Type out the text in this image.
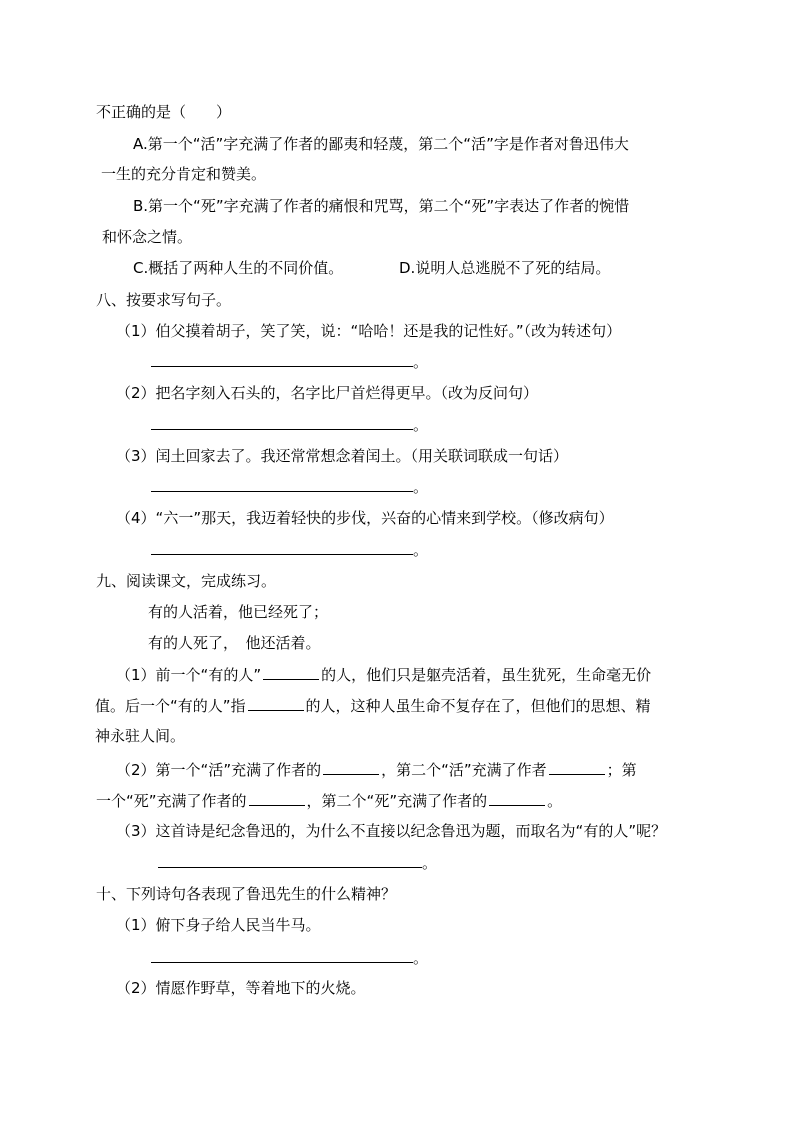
不正确的是（　　）
A.第一个“活”字充满了作者的鄙夷和轻蔑，第二个“活”字是作者对鲁迅伟大
一生的充分肯定和赞美。
B.第一个“死”字充满了作者的痛恨和咒骂，第二个“死”字表达了作者的惋惜
和怀念之情。
C.概括了两种人生的不同价值。	D.说明人总逃脱不了死的结局。
八、按要求写句子。
（1）伯父摸着胡子，笑了笑，说：“哈哈！还是我的记性好。”（改为转述句）
。
（2）把名字刻入石头的，名字比尸首烂得更早。（改为反问句）
。
（3）闰土回家去了。我还常常想念着闰土。（用关联词联成一句话）
。
（4）“六一”那天，我迈着轻快的步伐，兴奋的心情来到学校。（修改病句）
。
九、阅读课文，完成练习。
有的人活着，他已经死了；
有的人死了，　他还活着。
（1）前一个“有的人”	的人，他们只是躯壳活着，虽生犹死，生命毫无价
值。后一个“有的人”指	的人，这种人虽生命不复存在了，但他们的思想、精
神永驻人间。
（2）第一个“活”充满了作者的	，第二个“活”充满了作者	；第
一个“死”充满了作者的	，第二个“死”充满了作者的	。
（3）这首诗是纪念鲁迅的，为什么不直接以纪念鲁迅为题，而取名为“有的人”呢？
。
十、下列诗句各表现了鲁迅先生的什么精神？
（1）俯下身子给人民当牛马。
。
（2）情愿作野草，等着地下的火烧。
